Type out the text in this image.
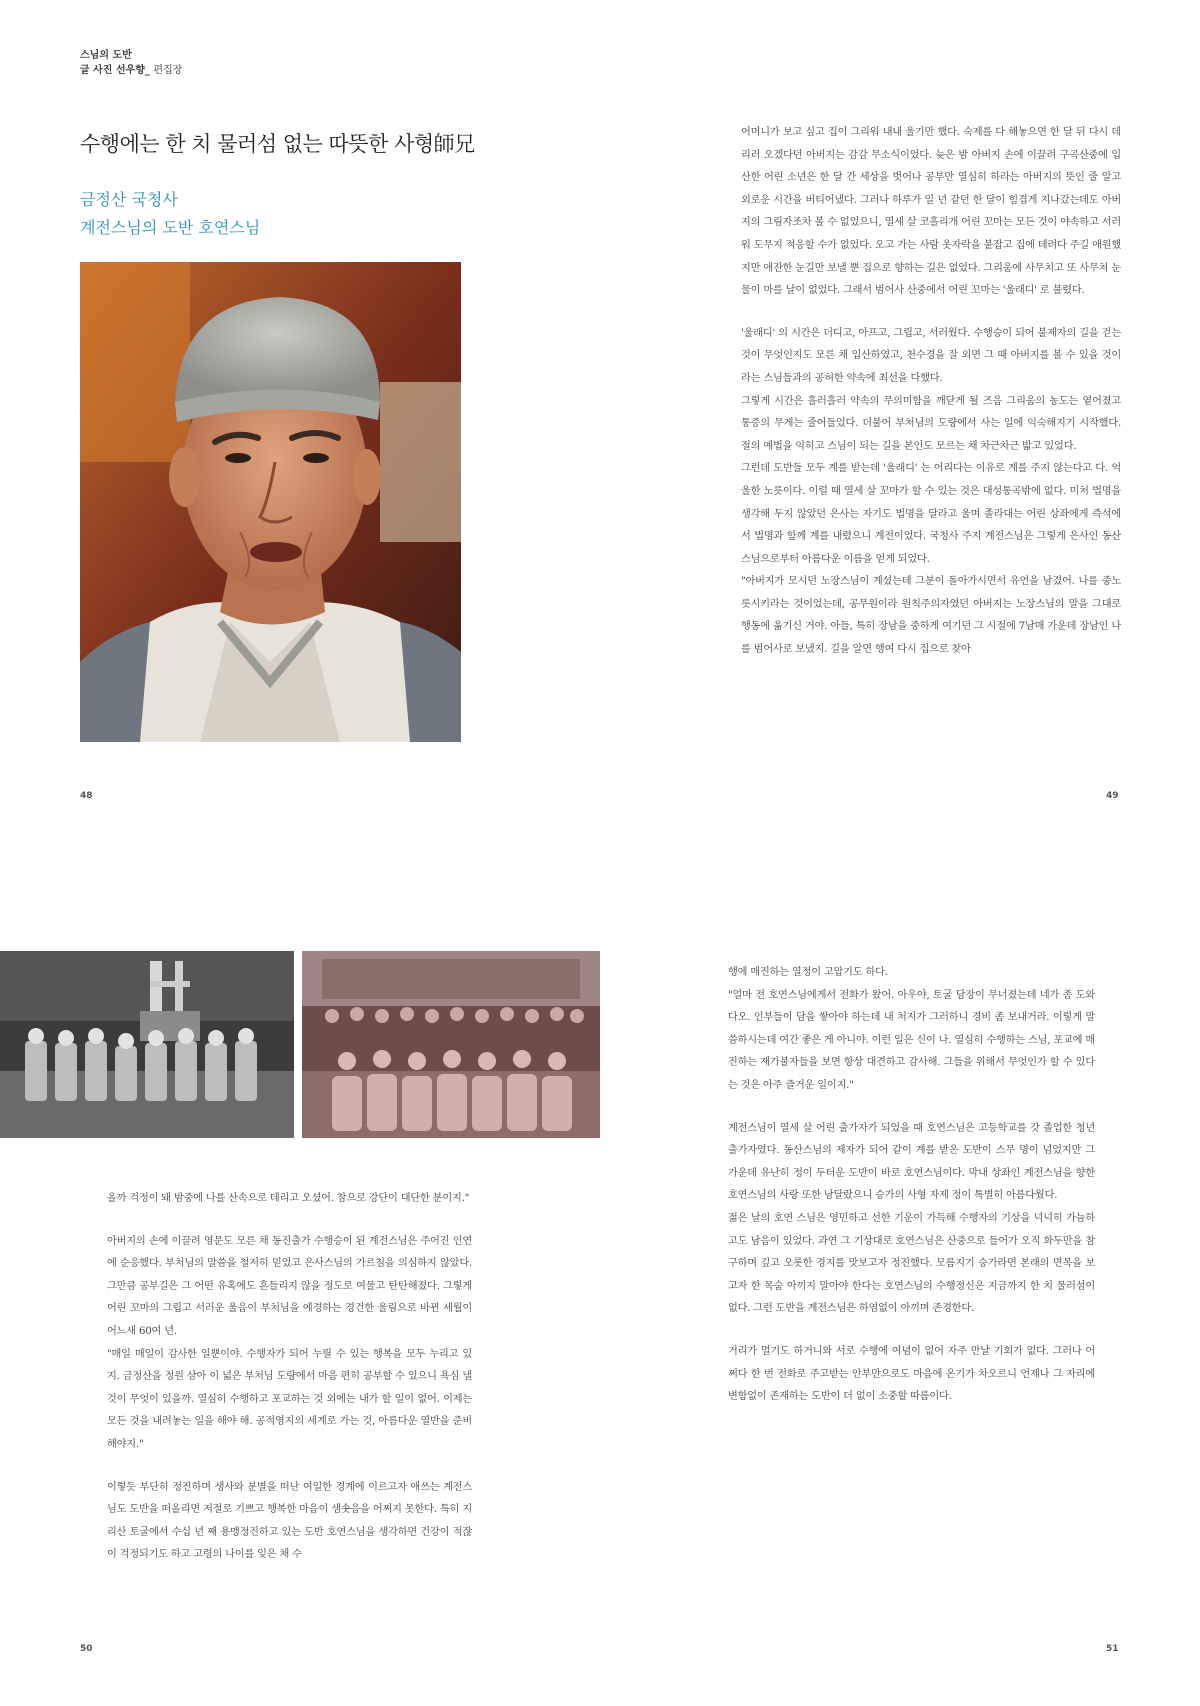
스님의 도반
글 사진 선우향_ 편집장
수행에는 한 치 물러섬 없는 따뜻한 사형師兄
금정산 국청사
계전스님의 도반 호연스님

어머니가 보고 싶고 집이 그리워 내내 울기만 했다. 숙제를 다 해놓으면 한 달 뒤 다시 데리러 오겠다던 아버지는 감감 무소식이었다. 늦은 밤 아버지 손에 이끌려 구곡산중에 입산한 어린 소년은 한 달 간 세상을 벗어나 공부만 열심히 하라는 아버지의 뜻인 줄 알고 외로운 시간을 버티어냈다. 그러나 하루가 일 년 같던 한 달이 힘겹게 지나갔는데도 아버지의 그림자조차 볼 수 없었으니, 열세 살 코흘리개 어린 꼬마는 모든 것이 야속하고 서러워 도무지 적응할 수가 없었다. 오고 가는 사람 옷자락을 붙잡고 집에 데려다 주길 애원했지만 애잔한 눈길만 보낼 뿐 집으로 향하는 길은 없었다. 그리움에 사무치고 또 사무쳐 눈물이 마를 날이 없었다. 그래서 범어사 산중에서 어린 꼬마는 '울래디' 로 불렸다.

'울래디' 의 시간은 더디고, 아프고, 그립고, 서러웠다. 수행승이 되어 불제자의 길을 걷는 것이 무엇인지도 모른 채 입산하였고, 천수경을 잘 외면 그 때 아버지를 볼 수 있을 것이라는 스님들과의 공허한 약속에 최선을 다했다.

그렇게 시간은 흘러흘러 약속의 무의미함을 깨닫게 될 즈음 그리움의 농도는 옅어졌고 통증의 무게는 줄어들었다. 더불어 부처님의 도량에서 사는 일에 익숙해지기 시작했다. 절의 예법을 익히고 스님이 되는 길을 본인도 모르는 채 차근차근 밟고 있었다.

그런데 도반들 모두 계를 받는데 '울래디' 는 어리다는 이유로 계를 주지 않는다고 다. 억울한 노릇이다. 이럴 때 열세 살 꼬마가 할 수 있는 것은 대성통곡밖에 없다. 미처 법명을 생각해 두지 않았던 은사는 자기도 법명을 달라고 울며 졸라대는 어린 상좌에게 즉석에서 법명과 함께 계를 내렸으니 계전이었다. 국청사 주지 계전스님은 그렇게 은사인 동산스님으로부터 아름다운 이름을 얻게 되었다.

"아버지가 모시던 노장스님이 계셨는데 그분이 돌아가시면서 유언을 남겼어. 나를 중노릇시키라는 것이었는데, 공무원이라 원칙주의자였던 아버지는 노장스님의 말을 그대로 행동에 옮기신 거야. 아들, 특히 장남을 중하게 여기던 그 시절에 7남매 가운데 장남인 나를 범어사로 보냈지. 길을 알면 행여 다시 집으로 찾아

48	49

올까 걱정이 돼 밤중에 나를 산속으로 데리고 오셨어. 참으로 강단이 대단한 분이지."

아버지의 손에 이끌려 영문도 모른 채 동진출가 수행승이 된 계전스님은 주어진 인연에 순응했다. 부처님의 말씀을 철저히 믿었고 은사스님의 가르침을 의심하지 않았다. 그만큼 공부길은 그 어떤 유혹에도 흔들리지 않을 정도로 여물고 탄탄해졌다. 그렇게 어린 꼬마의 그립고 서러운 울음이 부처님을 예경하는 경건한 울림으로 바뀐 세월이 어느새 60여 년.

"매일 매일이 감사한 일뿐이야. 수행자가 되어 누릴 수 있는 행복을 모두 누리고 있지. 금정산을 정원 삼아 이 넓은 부처님 도량에서 마음 편히 공부할 수 있으니 욕심 낼 것이 무엇이 있을까. 열심히 수행하고 포교하는 것 외에는 내가 할 일이 없어. 이제는 모든 것을 내려놓는 일을 해야 해. 공적영지의 세계로 가는 것, 아름다운 열반을 준비해야지."

이렇듯 부단히 정진하며 생사와 분별을 떠난 여일한 경계에 이르고자 애쓰는 계전스님도 도반을 떠올리면 저절로 기쁘고 행복한 마음이 샘솟음을 어쩌지 못한다. 특히 지리산 토굴에서 수십 년 째 용맹정진하고 있는 도반 호연스님을 생각하면 건강이 적잖이 걱정되기도 하고 고령의 나이를 잊은 채 수

행에 매진하는 열정이 고맙기도 하다.

"얼마 전 호연스님에게서 전화가 왔어. 아우야, 토굴 담장이 무너졌는데 네가 좀 도와다오. 인부들이 담을 쌓아야 하는데 내 처지가 그러하니 경비 좀 보내거라. 이렇게 말씀하시는데 여간 좋은 게 아니야. 이런 일은 신이 나. 열심히 수행하는 스님, 포교에 매진하는 재가불자들을 보면 항상 대견하고 감사해. 그들을 위해서 무엇인가 할 수 있다는 것은 아주 즐거운 일이지."

계전스님이 열세 살 어린 출가자가 되었을 때 호연스님은 고등학교를 갓 졸업한 청년 출가자였다. 동산스님의 제자가 되어 같이 계를 받은 도반이 스무 명이 넘었지만 그 가운데 유난히 정이 두터운 도반이 바로 호연스님이다. 막내 상좌인 계전스님을 향한 호연스님의 사랑 또한 남달랐으니 승가의 사형 자제 정이 특별히 아름다웠다.

젊은 날의 호연 스님은 영민하고 선한 기운이 가득해 수행자의 기상을 넉넉히 가늠하고도 남음이 있었다. 과연 그 기상대로 호연스님은 산중으로 들어가 오직 화두만을 참구하며 깊고 오롯한 경지를 맛보고자 정진했다. 모름지기 승가라면 본래의 면목을 보고자 한 목숨 아끼지 말아야 한다는 호연스님의 수행정신은 지금까지 한 치 물러섬이 없다. 그런 도반을 계전스님은 하염없이 아끼며 존경한다.

거리가 멀기도 하거니와 서로 수행에 여념이 없어 자주 만날 기회가 없다. 그러나 어쩌다 한 번 전화로 주고받는 안부만으로도 마음에 온기가 차오르니 언제나 그 자리에 변함없이 존재하는 도반이 더 없이 소중할 따름이다.

50	51
